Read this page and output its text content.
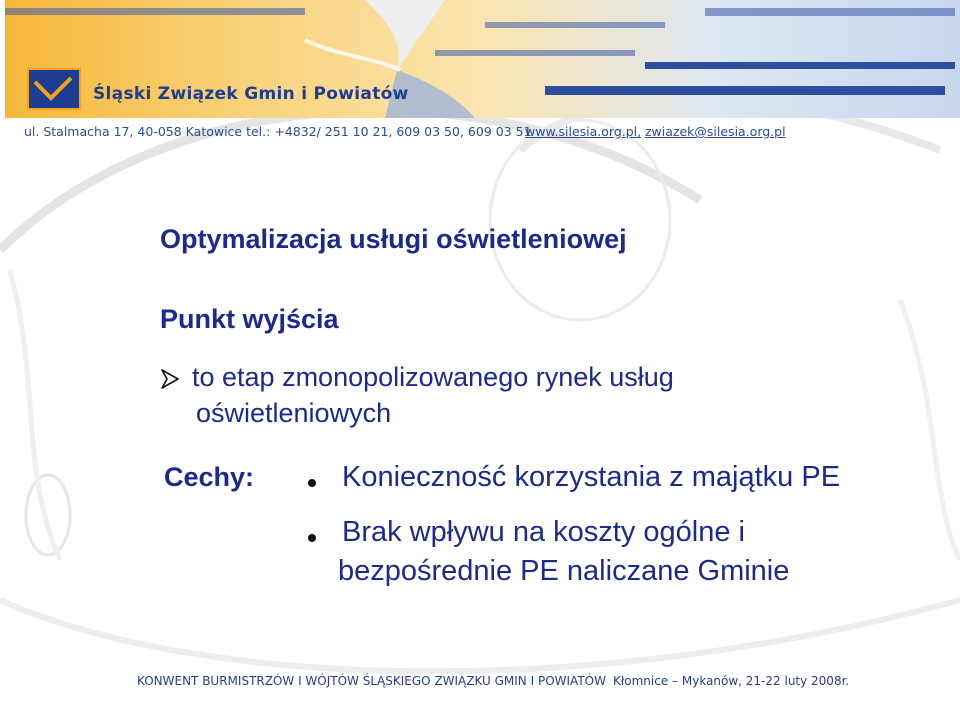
Śląski Związek Gmin i Powiatów
ul. Stalmacha 17, 40-058 Katowice tel.: +4832/ 251 10 21, 609 03 50, 609 03 51
www.silesia.org.pl, zwiazek@silesia.org.pl
Optymalizacja usługi oświetleniowej
Punkt wyjścia
to etap zmonopolizowanego rynek usług
oświetleniowych
Cechy:	Konieczność korzystania z majątku PE
Brak wpływu na koszty ogólne i
bezpośrednie PE naliczane Gminie
KONWENT BURMISTRZÓW I WÓJTÓW ŚLĄSKIEGO ZWIĄZKU GMIN I POWIATÓW Kłomnice – Mykanów, 21-22 luty 2008r.
